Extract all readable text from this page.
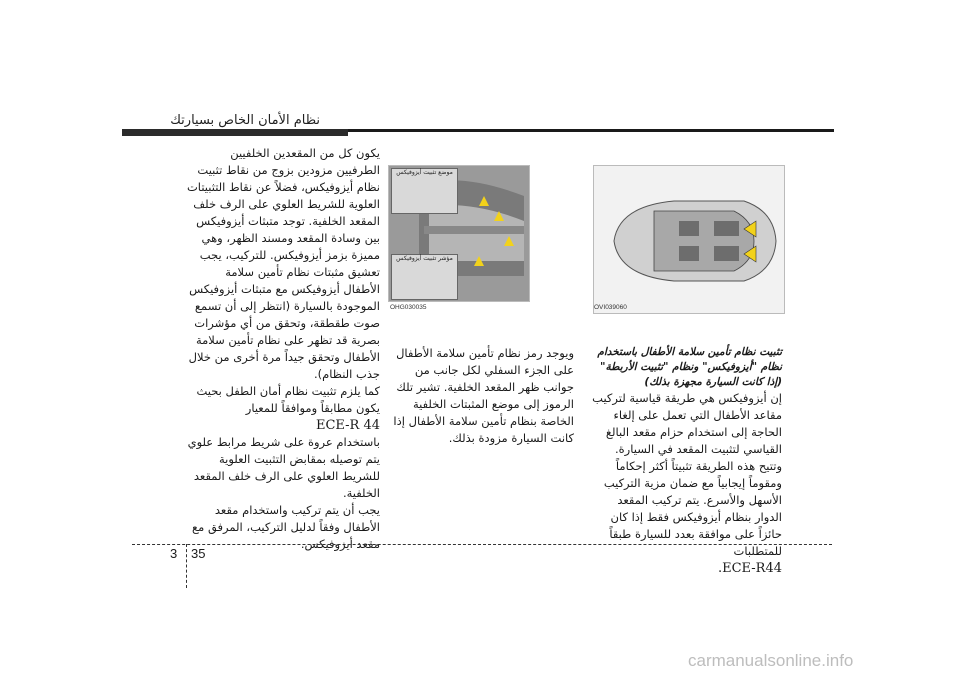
نظام الأمان الخاص بسيارتك

يكون كل من المقعدين الخلفيين الطرفيين مزودين بزوج من نقاط تثبيت نظام أيزوفيكس، فضلاً عن نقاط التثبيتات العلوية للشريط العلوي على الرف خلف المقعد الخلفية. توجد متبثات أيزوفيكس بين وسادة المقعد ومسند الظهر، وهي مميزة بزمز أيزوفيكس. للتركيب، يجب تعشيق مثبتات نظام تأمين سلامة الأطفال أيزوفيكس مع متبثات أيزوفيكس الموجودة بالسيارة (انتظر إلى أن تسمع صوت طقطقة، وتحقق من أي مؤشرات بصرية قد تظهر على نظام تأمين سلامة الأطفال وتحقق جيداً مرة أخرى من خلال جذب النظام).

كما يلزم تثبيت نظام أمان الطفل بحيث يكون مطابقاً وموافقاً للمعيار

ECE-R 44

باستخدام عروة على شريط مرابط علوي يتم توصيله بمقابض التثبيت العلوية للشريط العلوي على الرف خلف المقعد الخلفية.

يجب أن يتم تركيب واستخدام مقعد الأطفال وفقاً لدليل التركيب، المرفق مع مقعد أيزوفيكس.

موضع تثبيت أيزوفيكس
مؤشر تثبيت أيزوفيكس
OHG030035	OVI039060

ويوجد رمز نظام تأمين سلامة الأطفال على الجزء السفلي لكل جانب من جوانب ظهر المقعد الخلفية. تشير تلك الرموز إلى موضع المثبتات الخلفية الخاصة بنظام تأمين سلامة الأطفال إذا كانت السيارة مزودة بذلك.

تثبيت نظام تأمين سلامة الأطفال باستخدام نظام "أيزوفيكس" ونظام "تثبيت الأربطة" (إذا كانت السيارة مجهزة بذلك)

إن أيزوفيكس هي طريقة قياسية لتركيب مقاعد الأطفال التي تعمل على إلغاء الحاجة إلى استخدام حزام مقعد البالغ القياسي لتثبيت المقعد في السيارة. وتتيح هذه الطريقة تثبيتاً أكثر إحكاماً ومقوماً إيجابياً مع ضمان مزية التركيب الأسهل والأسرع. يتم تركيب المقعد الدوار بنظام أيزوفيكس فقط إذا كان حائزاً على موافقة بعدد للسيارة طبقاً للمتطلبات

.ECE-R44

3 35
carmanualsonline.info
